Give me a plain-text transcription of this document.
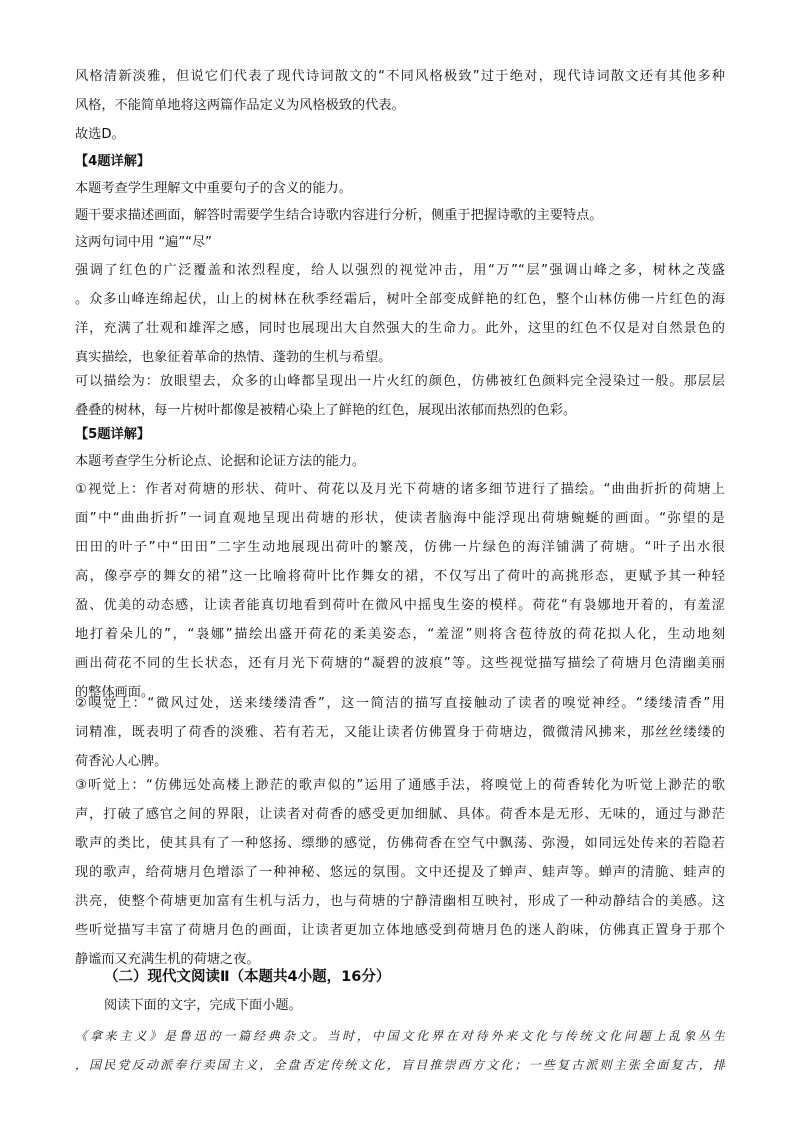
风格清新淡雅，但说它们代表了现代诗词散文的“不同风格极致”过于绝对，现代诗词散文还有其他多种
风格，不能简单地将这两篇作品定义为风格极致的代表。
故选D。
【4题详解】
本题考查学生理解文中重要句子的含义的能力。
题干要求描述画面，解答时需要学生结合诗歌内容进行分析，侧重于把握诗歌的主要特点。
这两句词中用 “遍”“尽”
强调了红色的广泛覆盖和浓烈程度，给人以强烈的视觉冲击，用“万”“层”强调山峰之多，树林之茂盛
。众多山峰连绵起伏，山上的树林在秋季经霜后，树叶全部变成鲜艳的红色，整个山林仿佛一片红色的海
洋，充满了壮观和雄浑之感，同时也展现出大自然强大的生命力。此外，这里的红色不仅是对自然景色的
真实描绘，也象征着革命的热情、蓬勃的生机与希望。
可以描绘为：放眼望去，众多的山峰都呈现出一片火红的颜色，仿佛被红色颜料完全浸染过一般。那层层
叠叠的树林，每一片树叶都像是被精心染上了鲜艳的红色，展现出浓郁而热烈的色彩。
【5题详解】
本题考查学生分析论点、论据和论证方法的能力。
①视觉上：作者对荷塘的形状、荷叶、荷花以及月光下荷塘的诸多细节进行了描绘。“曲曲折折的荷塘上
面”中“曲曲折折”一词直观地呈现出荷塘的形状，使读者脑海中能浮现出荷塘蜿蜒的画面。“弥望的是
田田的叶子”中“田田”二字生动地展现出荷叶的繁茂，仿佛一片绿色的海洋铺满了荷塘。“叶子出水很
高，像亭亭的舞女的裙”这一比喻将荷叶比作舞女的裙，不仅写出了荷叶的高挑形态，更赋予其一种轻
盈、优美的动态感，让读者能真切地看到荷叶在微风中摇曳生姿的模样。荷花“有袅娜地开着的，有羞涩
地打着朵儿的”，“袅娜”描绘出盛开荷花的柔美姿态，“羞涩”则将含苞待放的荷花拟人化，生动地刻
画出荷花不同的生长状态，还有月光下荷塘的“凝碧的波痕”等。这些视觉描写描绘了荷塘月色清幽美丽
的整体画面。
②嗅觉上：“微风过处，送来缕缕清香”，这一简洁的描写直接触动了读者的嗅觉神经。“缕缕清香”用
词精准，既表明了荷香的淡雅、若有若无，又能让读者仿佛置身于荷塘边，微微清风拂来，那丝丝缕缕的
荷香沁人心脾。
③听觉上：“仿佛远处高楼上渺茫的歌声似的”运用了通感手法，将嗅觉上的荷香转化为听觉上渺茫的歌
声，打破了感官之间的界限，让读者对荷香的感受更加细腻、具体。荷香本是无形、无味的，通过与渺茫
歌声的类比，使其具有了一种悠扬、缥缈的感觉，仿佛荷香在空气中飘荡、弥漫，如同远处传来的若隐若
现的歌声，给荷塘月色增添了一种神秘、悠远的氛围。文中还提及了蝉声、蛙声等。蝉声的清脆、蛙声的
洪亮，使整个荷塘更加富有生机与活力，也与荷塘的宁静清幽相互映衬，形成了一种动静结合的美感。这
些听觉描写丰富了荷塘月色的画面，让读者更加立体地感受到荷塘月色的迷人韵味，仿佛真正置身于那个
静谧而又充满生机的荷塘之夜。
（二）现代文阅读Ⅱ（本题共4小题，16分）
阅读下面的文字，完成下面小题。
《拿来主义》是鲁迅的一篇经典杂文。当时，中国文化界在对待外来文化与传统文化问题上乱象丛生
，国民党反动派奉行卖国主义，全盘否定传统文化，盲目推崇西方文化；一些复古派则主张全面复古，排
